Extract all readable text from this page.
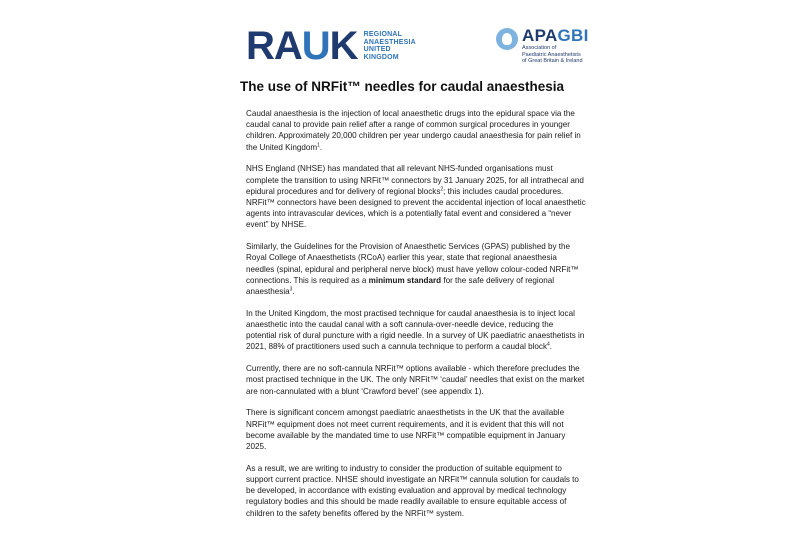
RAUK REGIONAL
ANAESTHESIA
UNITED
KINGDOM
APAGBI
Association of
Paediatric Anaesthetists
of Great Britain & Ireland
The use of NRFit™ needles for caudal anaesthesia

Caudal anaesthesia is the injection of local anaesthetic drugs into the epidural space via the caudal canal to provide pain relief after a range of common surgical procedures in younger children. Approximately 20,000 children per year undergo caudal anaesthesia for pain relief in the United Kingdom$^1$.

NHS England (NHSE) has mandated that all relevant NHS-funded organisations must complete the transition to using NRFit™ connectors by 31 January 2025, for all intrathecal and epidural procedures and for delivery of regional blocks$^2$; this includes caudal procedures. NRFit™ connectors have been designed to prevent the accidental injection of local anaesthetic agents into intravascular devices, which is a potentially fatal event and considered a “never event” by NHSE.

Similarly, the Guidelines for the Provision of Anaesthetic Services (GPAS) published by the Royal College of Anaesthetists (RCoA) earlier this year, state that regional anaesthesia needles (spinal, epidural and peripheral nerve block) must have yellow colour-coded NRFit™ connections. This is required as a minimum standard for the safe delivery of regional anaesthesia$^3$.

In the United Kingdom, the most practised technique for caudal anaesthesia is to inject local anaesthetic into the caudal canal with a soft cannula-over-needle device, reducing the potential risk of dural puncture with a rigid needle. In a survey of UK paediatric anaesthetists in 2021, 88% of practitioners used such a cannula technique to perform a caudal block$^4$.

Currently, there are no soft-cannula NRFit™ options available - which therefore precludes the most practised technique in the UK. The only NRFit™ ‘caudal’ needles that exist on the market are non-cannulated with a blunt ‘Crawford bevel’ (see appendix 1).

There is significant concern amongst paediatric anaesthetists in the UK that the available NRFit™ equipment does not meet current requirements, and it is evident that this will not become available by the mandated time to use NRFit™ compatible equipment in January 2025.

As a result, we are writing to industry to consider the production of suitable equipment to support current practice. NHSE should investigate an NRFit™ cannula solution for caudals to be developed, in accordance with existing evaluation and approval by medical technology regulatory bodies and this should be made readily available to ensure equitable access of children to the safety benefits offered by the NRFit™ system.
